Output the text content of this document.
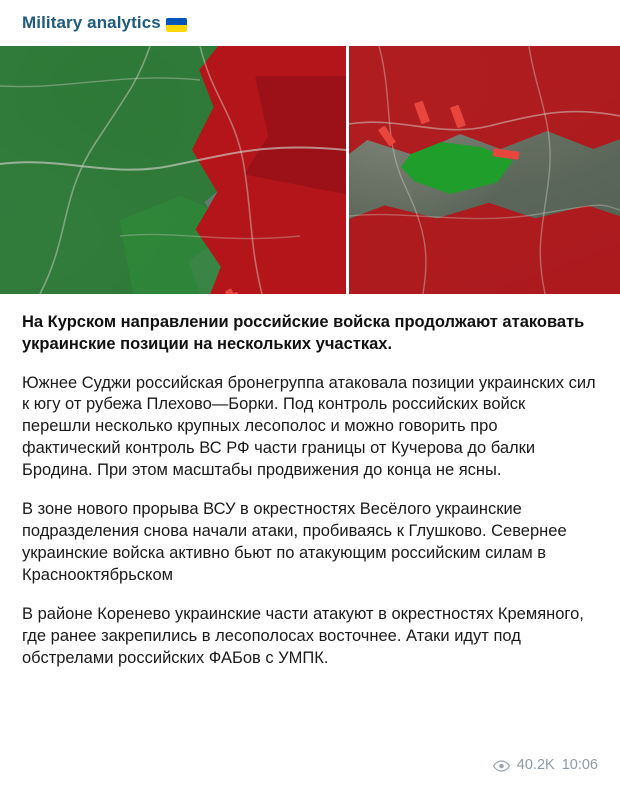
Military analytics

На Курском направлении российские войска продолжают атаковать украинские позиции на нескольких участках.

Южнее Суджи российская бронегруппа атаковала позиции украинских сил к югу от рубежа Плехово—Борки. Под контроль российских войск перешли несколько крупных лесополос и можно говорить про фактический контроль ВС РФ части границы от Кучерова до балки Бродина. При этом масштабы продвижения до конца не ясны.

В зоне нового прорыва ВСУ в окрестностях Весёлого украинские подразделения снова начали атаки, пробиваясь к Глушково. Севернее украинские войска активно бьют по атакующим российским силам в Краснооктябрьском

В районе Коренево украинские части атакуют в окрестностях Кремяного, где ранее закрепились в лесополосах восточнее. Атаки идут под обстрелами российских ФАБов с УМПК.

40.2K 10:06
